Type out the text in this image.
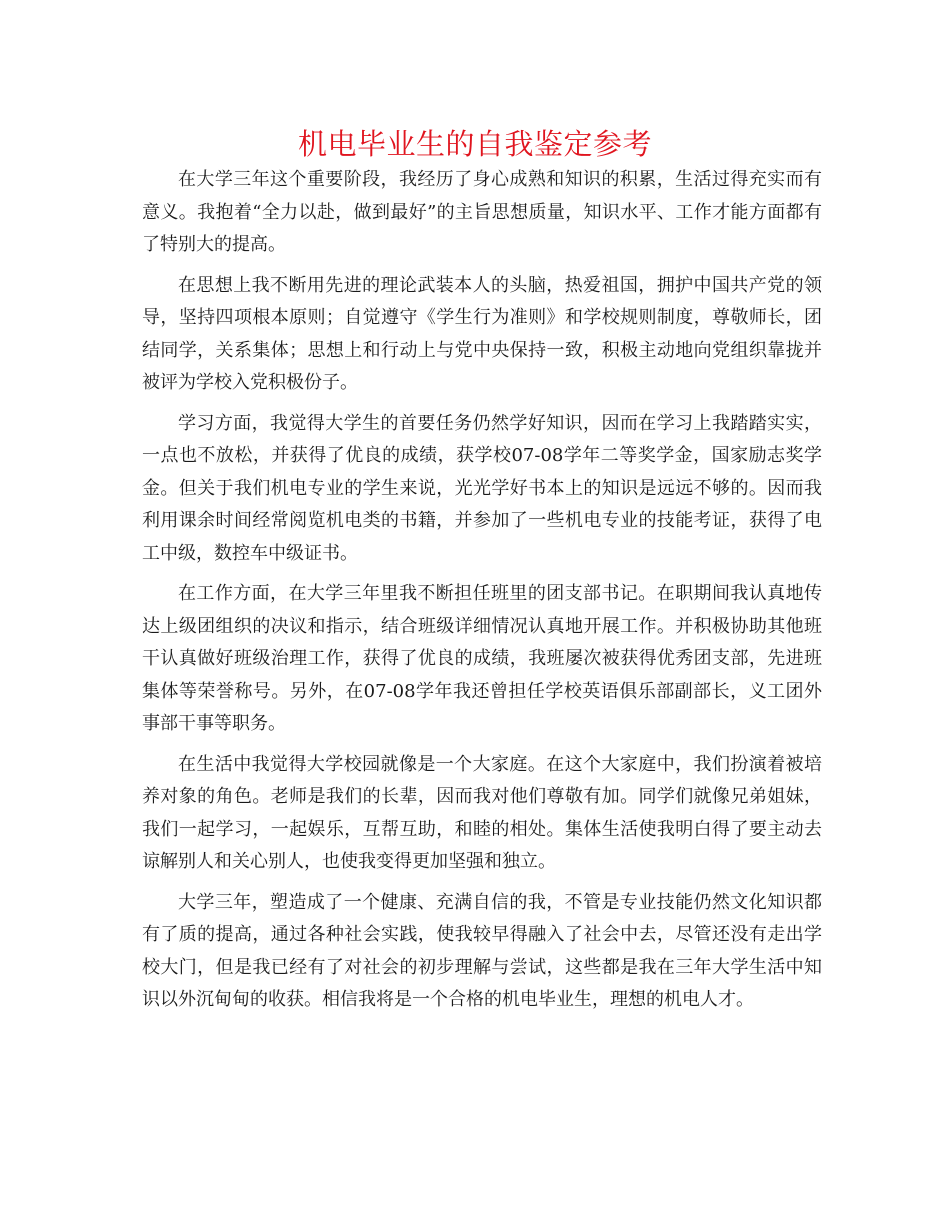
机电毕业生的自我鉴定参考

在大学三年这个重要阶段，我经历了身心成熟和知识的积累，生活过得充实而有意义。我抱着“全力以赴，做到最好”的主旨思想质量，知识水平、工作才能方面都有了特别大的提高。

在思想上我不断用先进的理论武装本人的头脑，热爱祖国，拥护中国共产党的领导，坚持四项根本原则；自觉遵守《学生行为准则》和学校规则制度，尊敬师长，团结同学，关系集体；思想上和行动上与党中央保持一致，积极主动地向党组织靠拢并被评为学校入党积极份子。

学习方面，我觉得大学生的首要任务仍然学好知识，因而在学习上我踏踏实实，一点也不放松，并获得了优良的成绩，获学校07-08学年二等奖学金，国家励志奖学金。但关于我们机电专业的学生来说，光光学好书本上的知识是远远不够的。因而我利用课余时间经常阅览机电类的书籍，并参加了一些机电专业的技能考证，获得了电工中级，数控车中级证书。

在工作方面，在大学三年里我不断担任班里的团支部书记。在职期间我认真地传达上级团组织的决议和指示，结合班级详细情况认真地开展工作。并积极协助其他班干认真做好班级治理工作，获得了优良的成绩，我班屡次被获得优秀团支部，先进班集体等荣誉称号。另外，在07-08学年我还曾担任学校英语俱乐部副部长，义工团外事部干事等职务。

在生活中我觉得大学校园就像是一个大家庭。在这个大家庭中，我们扮演着被培养对象的角色。老师是我们的长辈，因而我对他们尊敬有加。同学们就像兄弟姐妹，我们一起学习，一起娱乐，互帮互助，和睦的相处。集体生活使我明白得了要主动去谅解别人和关心别人，也使我变得更加坚强和独立。

大学三年，塑造成了一个健康、充满自信的我，不管是专业技能仍然文化知识都有了质的提高，通过各种社会实践，使我较早得融入了社会中去，尽管还没有走出学校大门，但是我已经有了对社会的初步理解与尝试，这些都是我在三年大学生活中知识以外沉甸甸的收获。相信我将是一个合格的机电毕业生，理想的机电人才。
